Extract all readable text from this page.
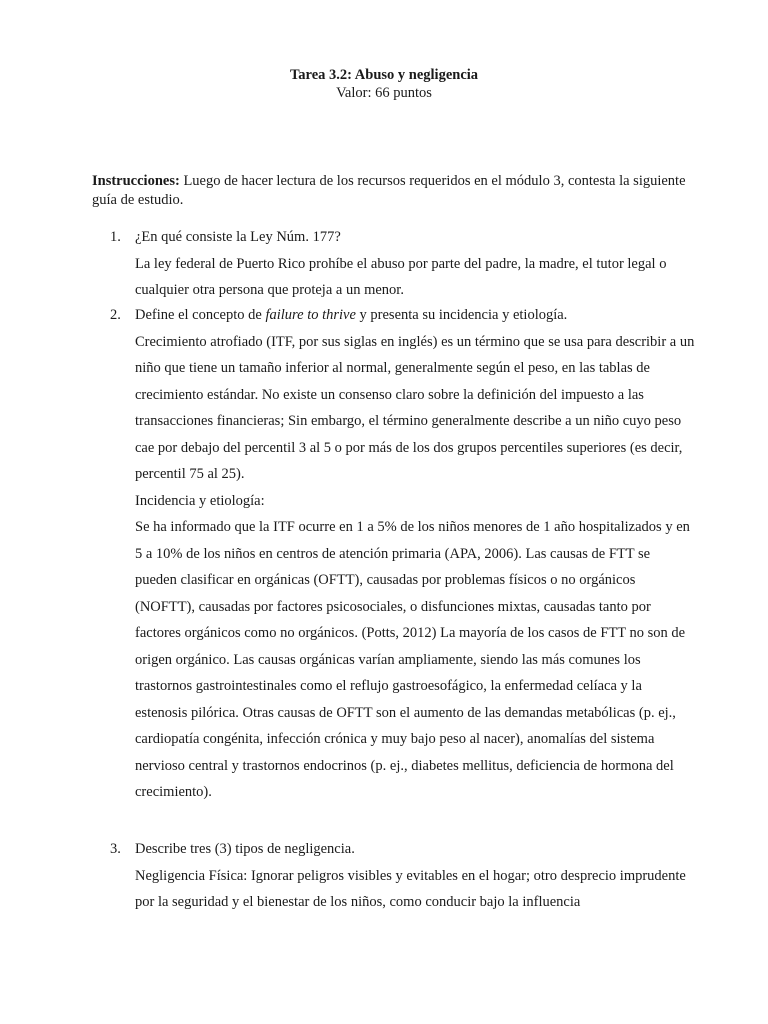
Tarea 3.2: Abuso y negligencia
Valor: 66 puntos
Instrucciones: Luego de hacer lectura de los recursos requeridos en el módulo 3, contesta la siguiente guía de estudio.
1. ¿En qué consiste la Ley Núm. 177?

La ley federal de Puerto Rico prohíbe el abuso por parte del padre, la madre, el tutor legal o cualquier otra persona que proteja a un menor.

2. Define el concepto de failure to thrive y presenta su incidencia y etiología.

Crecimiento atrofiado (ITF, por sus siglas en inglés) es un término que se usa para describir a un niño que tiene un tamaño inferior al normal, generalmente según el peso, en las tablas de crecimiento estándar. No existe un consenso claro sobre la definición del impuesto a las transacciones financieras; Sin embargo, el término generalmente describe a un niño cuyo peso cae por debajo del percentil 3 al 5 o por más de los dos grupos percentiles superiores (es decir, percentil 75 al 25).

Incidencia y etiología:

Se ha informado que la ITF ocurre en 1 a 5% de los niños menores de 1 año hospitalizados y en 5 a 10% de los niños en centros de atención primaria (APA, 2006). Las causas de FTT se pueden clasificar en orgánicas (OFTT), causadas por problemas físicos o no orgánicos (NOFTT), causadas por factores psicosociales, o disfunciones mixtas, causadas tanto por factores orgánicos como no orgánicos. (Potts, 2012) La mayoría de los casos de FTT no son de origen orgánico. Las causas orgánicas varían ampliamente, siendo las más comunes los trastornos gastrointestinales como el reflujo gastroesofágico, la enfermedad celíaca y la estenosis pilórica. Otras causas de OFTT son el aumento de las demandas metabólicas (p. ej., cardiopatía congénita, infección crónica y muy bajo peso al nacer), anomalías del sistema nervioso central y trastornos endocrinos (p. ej., diabetes mellitus, deficiencia de hormona del crecimiento).

3. Describe tres (3) tipos de negligencia.

Negligencia Física: Ignorar peligros visibles y evitables en el hogar; otro desprecio imprudente por la seguridad y el bienestar de los niños, como conducir bajo la influencia
